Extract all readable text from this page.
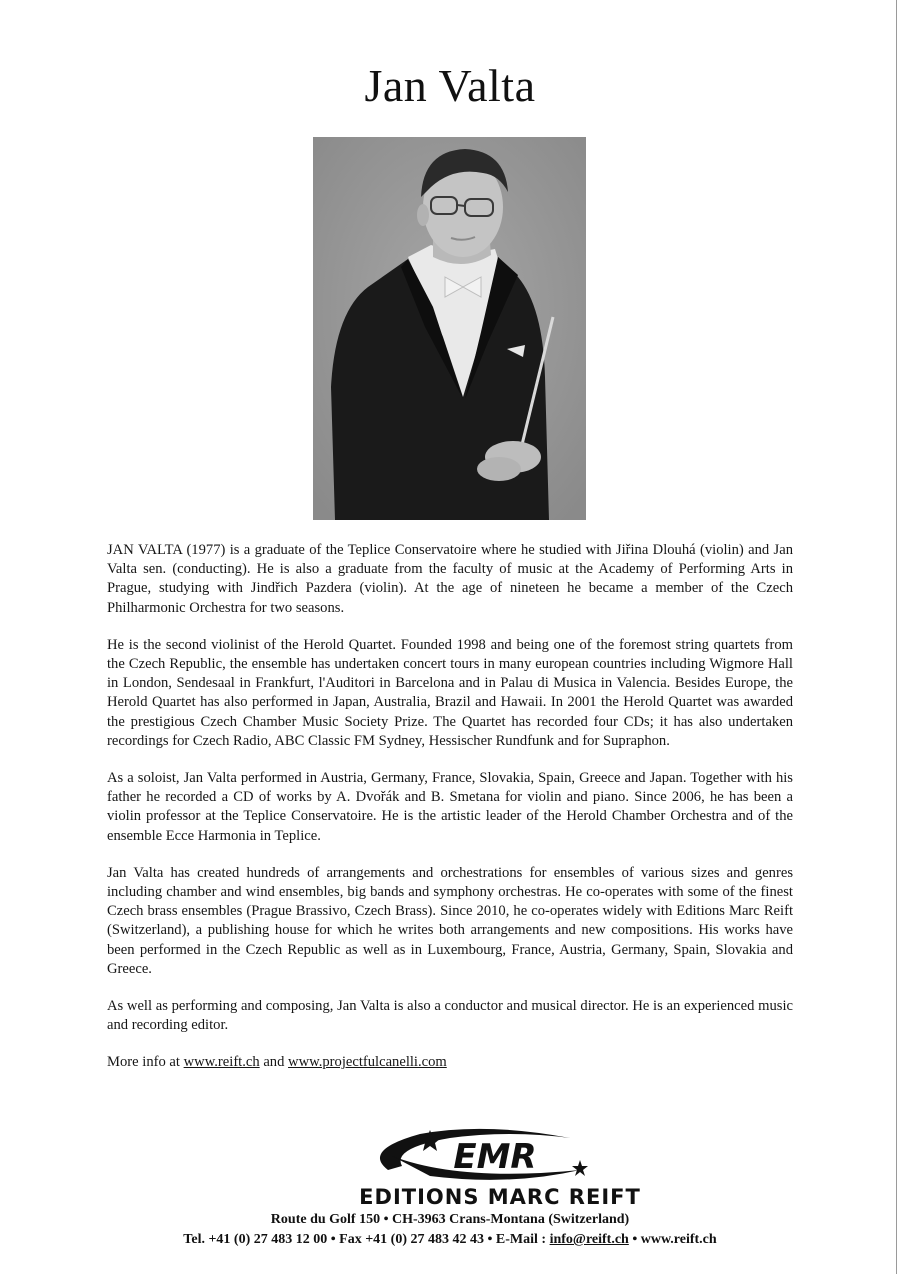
Jan Valta

JAN VALTA (1977) is a graduate of the Teplice Conservatoire where he studied with Jiřina Dlouhá (violin) and Jan Valta sen. (conducting). He is also a graduate from the faculty of music at the Academy of Performing Arts in Prague, studying with Jindřich Pazdera (violin). At the age of nineteen he became a member of the Czech Philharmonic Orchestra for two seasons.

He is the second violinist of the Herold Quartet. Founded 1998 and being one of the foremost string quartets from the Czech Republic, the ensemble has undertaken concert tours in many european countries including Wigmore Hall in London, Sendesaal in Frankfurt, l'Auditori in Barcelona and in Palau di Musica in Valencia. Besides Europe, the Herold Quartet has also performed in Japan, Australia, Brazil and Hawaii. In 2001 the Herold Quartet was awarded the prestigious Czech Chamber Music Society Prize. The Quartet has recorded four CDs; it has also undertaken recordings for Czech Radio, ABC Classic FM Sydney, Hessischer Rundfunk and for Supraphon.

As a soloist, Jan Valta performed in Austria, Germany, France, Slovakia, Spain, Greece and Japan. Together with his father he recorded a CD of works by A. Dvořák and B. Smetana for violin and piano. Since 2006, he has been a violin professor at the Teplice Conservatoire. He is the artistic leader of the Herold Chamber Orchestra and of the ensemble Ecce Harmonia in Teplice.

Jan Valta has created hundreds of arrangements and orchestrations for ensembles of various sizes and genres including chamber and wind ensembles, big bands and symphony orchestras. He co-operates with some of the finest Czech brass ensembles (Prague Brassivo, Czech Brass). Since 2010, he co-operates widely with Editions Marc Reift (Switzerland), a publishing house for which he writes both arrangements and new compositions. His works have been performed in the Czech Republic as well as in Luxembourg, France, Austria, Germany, Spain, Slovakia and Greece.

As well as performing and composing, Jan Valta is also a conductor and musical director. He is an experienced music and recording editor.

More info at www.reift.ch and www.projectfulcanelli.com

EMR
EDITIONS MARC REIFT
Route du Golf 150 • CH-3963 Crans-Montana (Switzerland)
Tel. +41 (0) 27 483 12 00 • Fax +41 (0) 27 483 42 43 • E-Mail : info@reift.ch • www.reift.ch
